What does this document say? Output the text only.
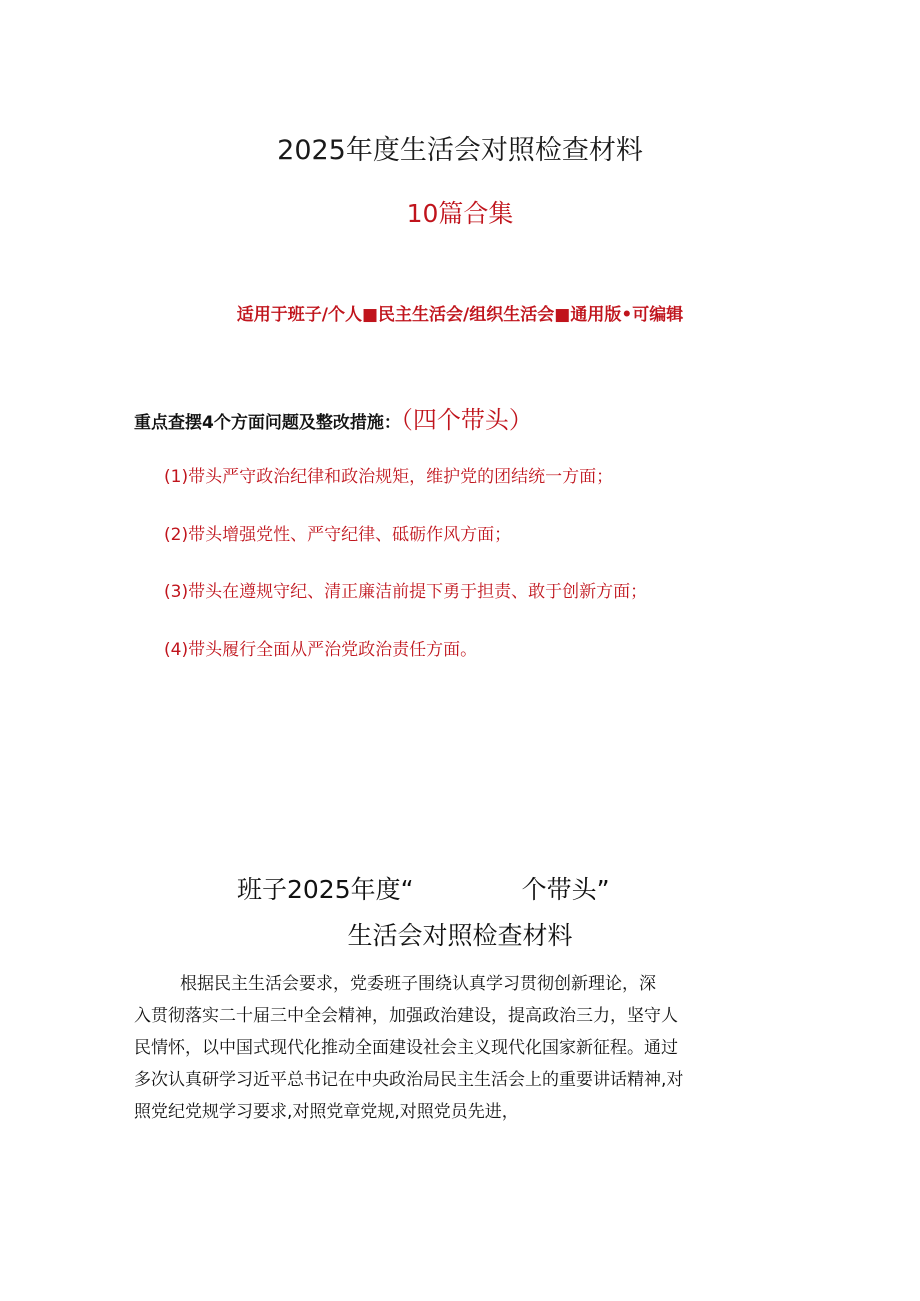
2025年度生活会对照检查材料
10篇合集
适用于班子/个人■民主生活会/组织生活会■通用版•可编辑
重点查摆4个方面问题及整改措施：（四个带头）
(1)带头严守政治纪律和政治规矩，维护党的团结统一方面；
(2)带头增强党性、严守纪律、砥砺作风方面；
(3)带头在遵规守纪、清正廉洁前提下勇于担责、敢于创新方面；
(4)带头履行全面从严治党政治责任方面。
班子2025年度“	个带头”
生活会对照检查材料
根据民主生活会要求，党委班子围绕认真学习贯彻创新理论，深
入贯彻落实二十届三中全会精神，加强政治建设，提高政治三力，坚守人
民情怀，以中国式现代化推动全面建设社会主义现代化国家新征程。通过
多次认真研学习近平总书记在中央政治局民主生活会上的重要讲话精神,对
照党纪党规学习要求,对照党章党规,对照党员先进，
